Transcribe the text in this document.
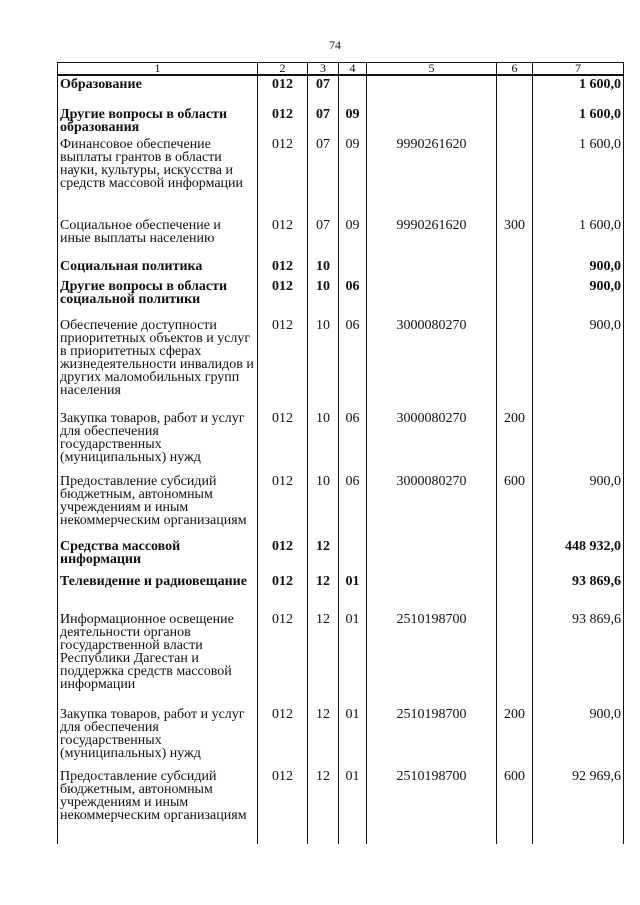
74
1	2	3	4	5	6	7

Образование	012	07				1 600,0

Другие вопросы в области образования	012	07	09			1 600,0

Финансовое обеспечение выплаты грантов в области науки, культуры, искусства и средств массовой информации	012	07	09	9990261620		1 600,0

Социальное обеспечение и иные выплаты населению	012	07	09	9990261620	300	1 600,0

Социальная политика	012	10				900,0

Другие вопросы в области социальной политики	012	10	06			900,0

Обеспечение доступности приоритетных объектов и услуг в приоритетных сферах жизнедеятельности инвалидов и других маломобильных групп населения	012	10	06	3000080270		900,0

Закупка товаров, работ и услуг для обеспечения государственных (муниципальных) нужд	012	10	06	3000080270	200	

Предоставление субсидий бюджетным, автономным учреждениям и иным некоммерческим организациям	012	10	06	3000080270	600	900,0

Средства массовой информации	012	12				448 932,0

Телевидение и радиовещание	012	12	01			93 869,6

Информационное освещение деятельности органов государственной власти Республики Дагестан и поддержка средств массовой информации	012	12	01	2510198700		93 869,6

Закупка товаров, работ и услуг для обеспечения государственных (муниципальных) нужд	012	12	01	2510198700	200	900,0

Предоставление субсидий бюджетным, автономным учреждениям и иным некоммерческим организациям	012	12	01	2510198700	600	92 969,6
